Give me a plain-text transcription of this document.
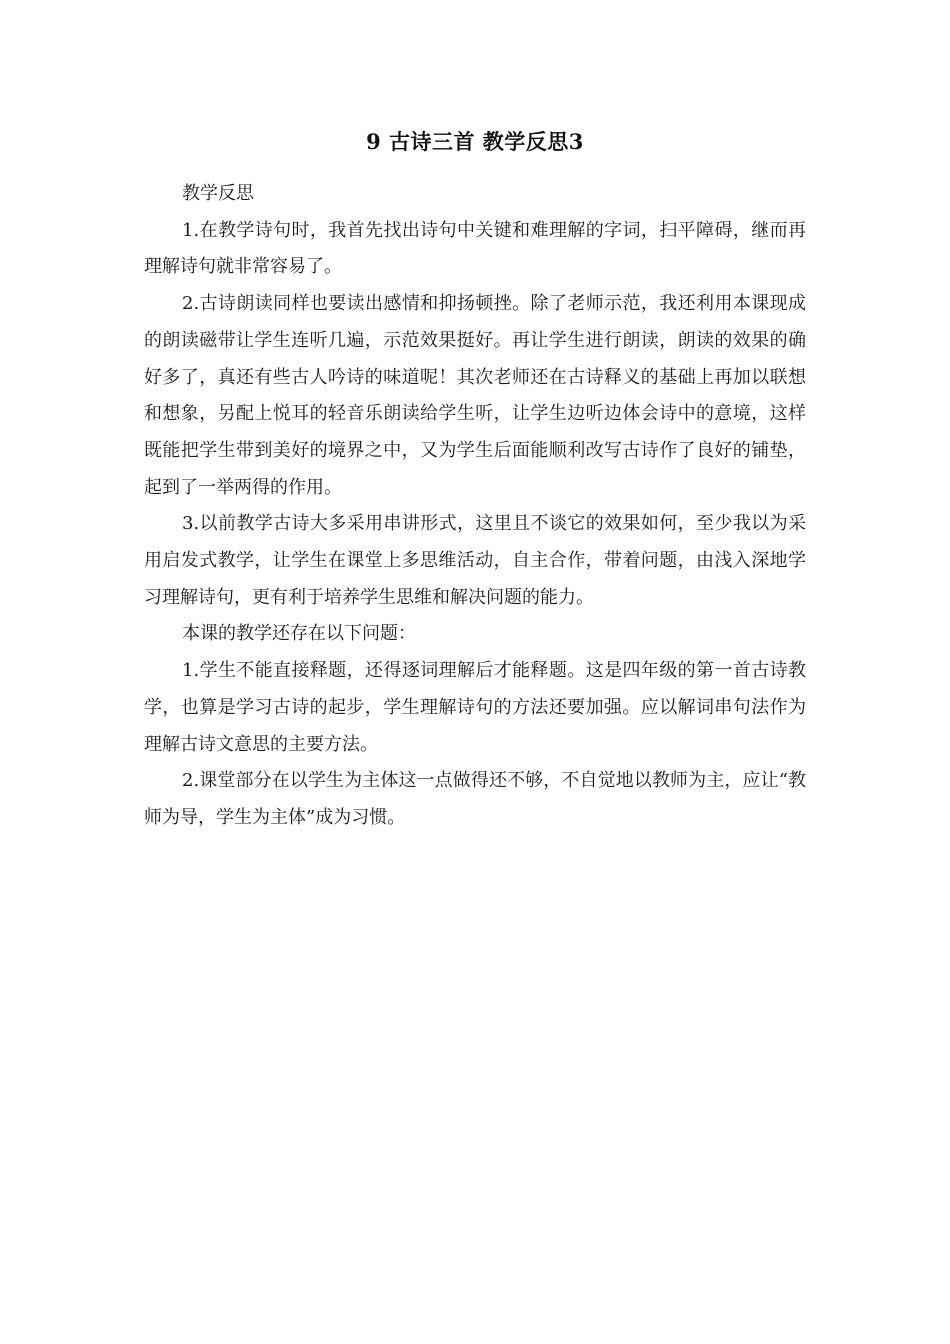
9 古诗三首 教学反思3

教学反思

1.在教学诗句时，我首先找出诗句中关键和难理解的字词，扫平障碍，继而再理解诗句就非常容易了。

2.古诗朗读同样也要读出感情和抑扬顿挫。除了老师示范，我还利用本课现成的朗读磁带让学生连听几遍，示范效果挺好。再让学生进行朗读，朗读的效果的确好多了，真还有些古人吟诗的味道呢！其次老师还在古诗释义的基础上再加以联想和想象，另配上悦耳的轻音乐朗读给学生听，让学生边听边体会诗中的意境，这样既能把学生带到美好的境界之中，又为学生后面能顺利改写古诗作了良好的铺垫，起到了一举两得的作用。

3.以前教学古诗大多采用串讲形式，这里且不谈它的效果如何，至少我以为采用启发式教学，让学生在课堂上多思维活动，自主合作，带着问题，由浅入深地学习理解诗句，更有利于培养学生思维和解决问题的能力。

本课的教学还存在以下问题：

1.学生不能直接释题，还得逐词理解后才能释题。这是四年级的第一首古诗教学，也算是学习古诗的起步，学生理解诗句的方法还要加强。应以解词串句法作为理解古诗文意思的主要方法。

2.课堂部分在以学生为主体这一点做得还不够，不自觉地以教师为主，应让“教师为导，学生为主体”成为习惯。
